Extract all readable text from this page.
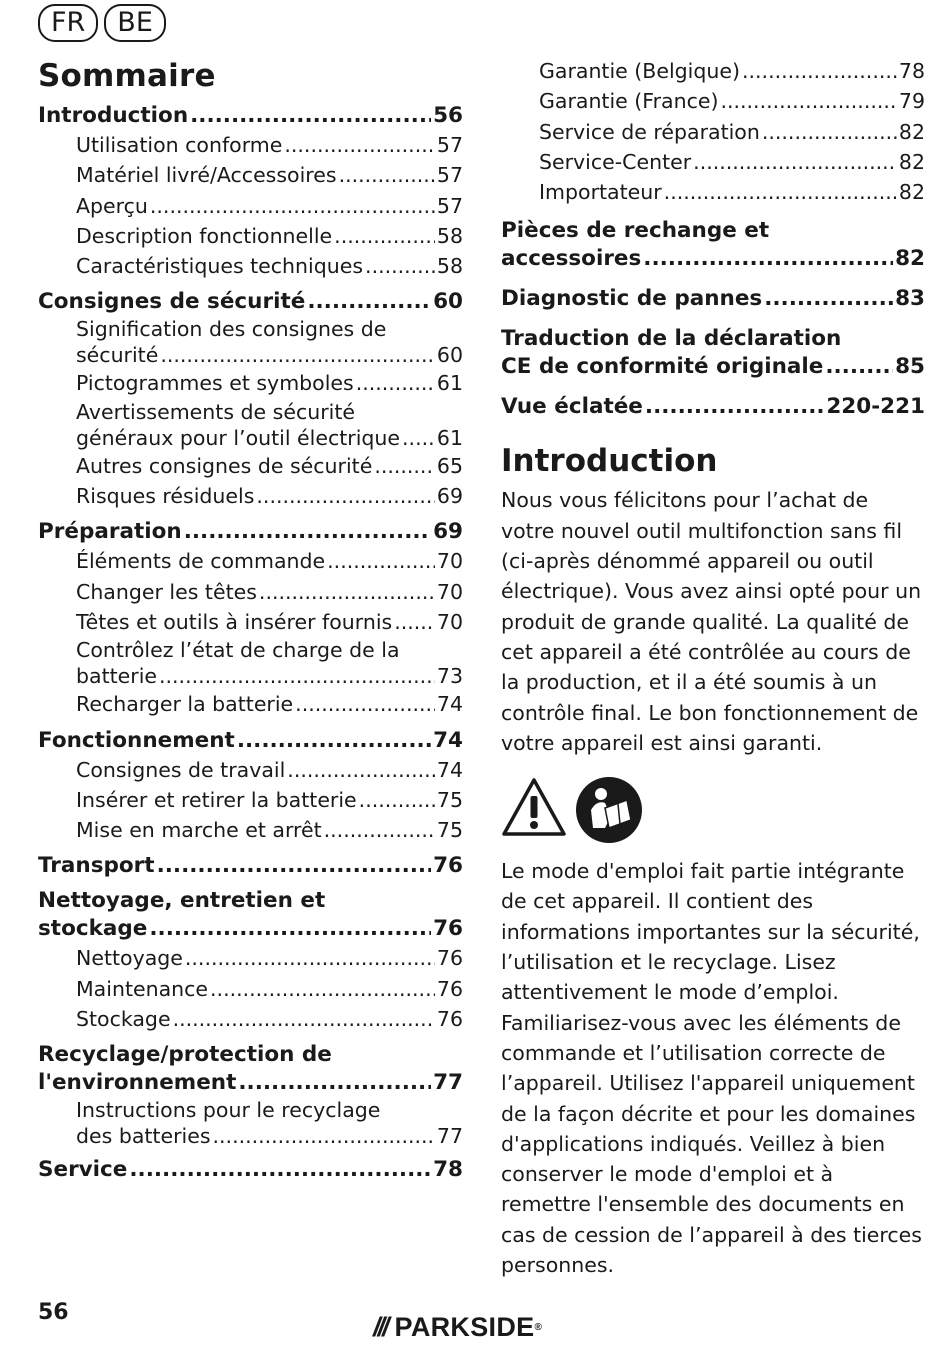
FR	BE
Sommaire
Introduction .....	56
Utilisation conforme .....	57
Matériel livré/Accessoires .....	57
Aperçu .....	57
Description fonctionnelle .....	58
Caractéristiques techniques .....	58
Consignes de sécurité .....	60
Signification des consignes de
sécurité .....	60
Pictogrammes et symboles .....	61
Avertissements de sécurité
généraux pour l’outil électrique ..... 61
Autres consignes de sécurité .....	65
Risques résiduels .....	69
Préparation .....	69
Éléments de commande .....	70
Changer les têtes .....	70
Têtes et outils à insérer fournis ..... 70
Contrôlez l’état de charge de la
batterie .....	73
Recharger la batterie .....	74
Fonctionnement .....	74
Consignes de travail .....	74
Insérer et retirer la batterie .....	75
Mise en marche et arrêt .....	75
Transport .....	76
Nettoyage, entretien et
stockage .....	76
Nettoyage .....	76
Maintenance .....	76
Stockage .....	76
Recyclage/protection de
l'environnement .....	77
Instructions pour le recyclage
des batteries .....	77
Service .....	78
Garantie (Belgique) .....	78
Garantie (France) .....	79
Service de réparation .....	82
Service-Center .....	82
Importateur .....	82
Pièces de rechange et
accessoires .....	82
Diagnostic de pannes .....	83
Traduction de la déclaration
CE de conformité originale .....	85
Vue éclatée .....	220-221
Introduction

Nous vous félicitons pour l’achat de votre nouvel outil multifonction sans fil (ci-après dénommé appareil ou outil électrique). Vous avez ainsi opté pour un produit de grande qualité. La qualité de cet appareil a été contrôlée au cours de la production, et il a été soumis à un contrôle final. Le bon fonctionnement de votre appareil est ainsi garanti.

Le mode d'emploi fait partie intégrante de cet appareil. Il contient des informations importantes sur la sécurité, l’utilisation et le recyclage. Lisez attentivement le mode d’emploi. Familiarisez-vous avec les éléments de commande et l’utilisation correcte de l’appareil. Utilisez l'appareil uniquement de la façon décrite et pour les domaines d'applications indiqués. Veillez à bien conserver le mode d'emploi et à remettre l'ensemble des documents en cas de cession de l’appareil à des tierces personnes.

56	/// PARKSIDE ®
